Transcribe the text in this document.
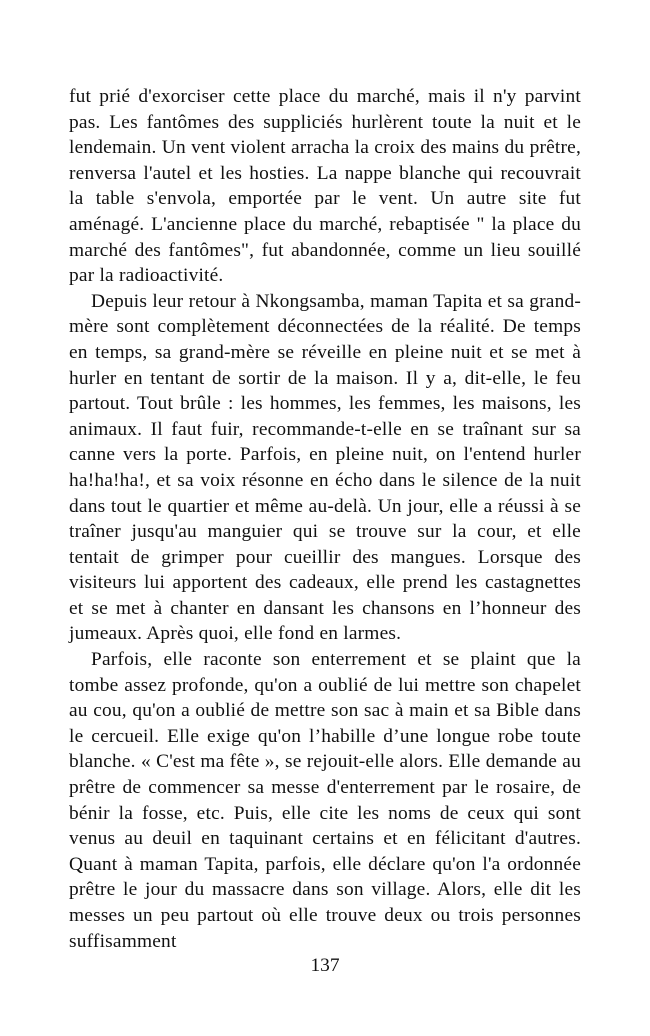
fut prié d'exorciser cette place du marché, mais il n'y parvint pas. Les fantômes des suppliciés hurlèrent toute la nuit et le lendemain. Un vent violent arracha la croix des mains du prêtre, renversa l'autel et les hosties. La nappe blanche qui recouvrait la table s'envola, emportée par le vent. Un autre site fut aménagé. L'ancienne place du marché, rebaptisée " la place du marché des fantômes", fut abandonnée, comme un lieu souillé par la radioactivité.

Depuis leur retour à Nkongsamba, maman Tapita et sa grand-mère sont complètement déconnectées de la réalité. De temps en temps, sa grand-mère se réveille en pleine nuit et se met à hurler en tentant de sortir de la maison. Il y a, dit-elle, le feu partout. Tout brûle : les hommes, les femmes, les maisons, les animaux. Il faut fuir, recommande-t-elle en se traînant sur sa canne vers la porte. Parfois, en pleine nuit, on l'entend hurler ha!ha!ha!, et sa voix résonne en écho dans le silence de la nuit dans tout le quartier et même au-delà. Un jour, elle a réussi à se traîner jusqu'au manguier qui se trouve sur la cour, et elle tentait de grimper pour cueillir des mangues. Lorsque des visiteurs lui apportent des cadeaux, elle prend les castagnettes et se met à chanter en dansant les chansons en l’honneur des jumeaux. Après quoi, elle fond en larmes.

Parfois, elle raconte son enterrement et se plaint que la tombe assez profonde, qu'on a oublié de lui mettre son chapelet au cou, qu'on a oublié de mettre son sac à main et sa Bible dans le cercueil. Elle exige qu'on l’habille d’une longue robe toute blanche. « C'est ma fête », se rejouit-elle alors. Elle demande au prêtre de commencer sa messe d'enterrement par le rosaire, de bénir la fosse, etc. Puis, elle cite les noms de ceux qui sont venus au deuil en taquinant certains et en félicitant d'autres. Quant à maman Tapita, parfois, elle déclare qu'on l'a ordonnée prêtre le jour du massacre dans son village. Alors, elle dit les messes un peu partout où elle trouve deux ou trois personnes suffisamment

137
